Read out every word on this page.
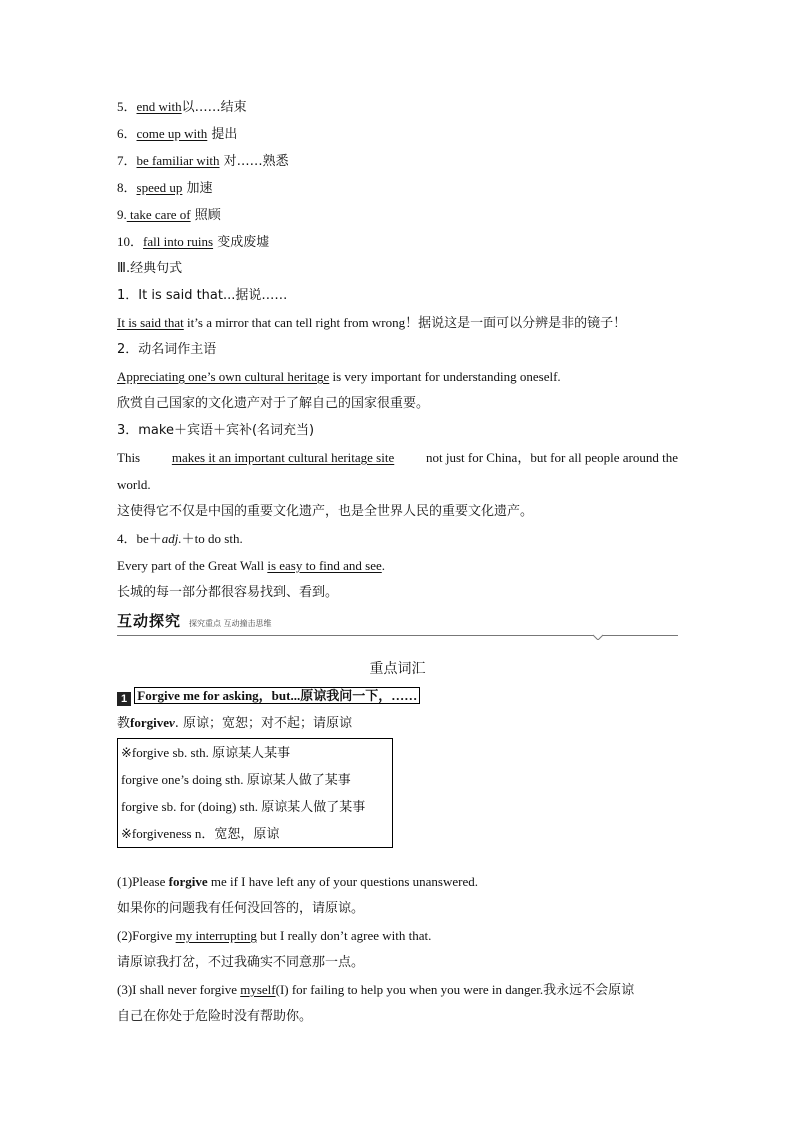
5．end with以……结束
6．come up with 提出
7．be familiar with 对……熟悉
8．speed up 加速
9. take care of 照顾
10．fall into ruins 变成废墟
Ⅲ.经典句式
1．It is said that...据说……
It is said that it’s a mirror that can tell right from wrong！据说这是一面可以分辨是非的镜子！
2．动名词作主语
Appreciating one’s own cultural heritage is very important for understanding oneself.
欣赏自己国家的文化遗产对于了解自己的国家很重要。
3．make＋宾语＋宾补(名词充当)
This makes it an important cultural heritage site not just for China，but for all people around the
world.
这使得它不仅是中国的重要文化遗产，也是全世界人民的重要文化遗产。
4．be＋adj.＋to do sth.
Every part of the Great Wall is easy to find and see.
长城的每一部分都很容易找到、看到。
互动探究 探究重点 互动撞击思维
重点词汇
1 Forgive me for asking，but...原谅我问一下，……
教forgivev. 原谅；宽恕；对不起；请原谅
※forgive sb. sth. 原谅某人某事
forgive one’s doing sth. 原谅某人做了某事
forgive sb. for (doing) sth. 原谅某人做了某事
※forgiveness n．宽恕，原谅
(1)Please forgive me if I have left any of your questions unanswered.
如果你的问题我有任何没回答的，请原谅。
(2)Forgive my interrupting but I really don’t agree with that.
请原谅我打岔，不过我确实不同意那一点。
(3)I shall never forgive myself(I) for failing to help you when you were in danger.我永远不会原谅
自己在你处于危险时没有帮助你。
